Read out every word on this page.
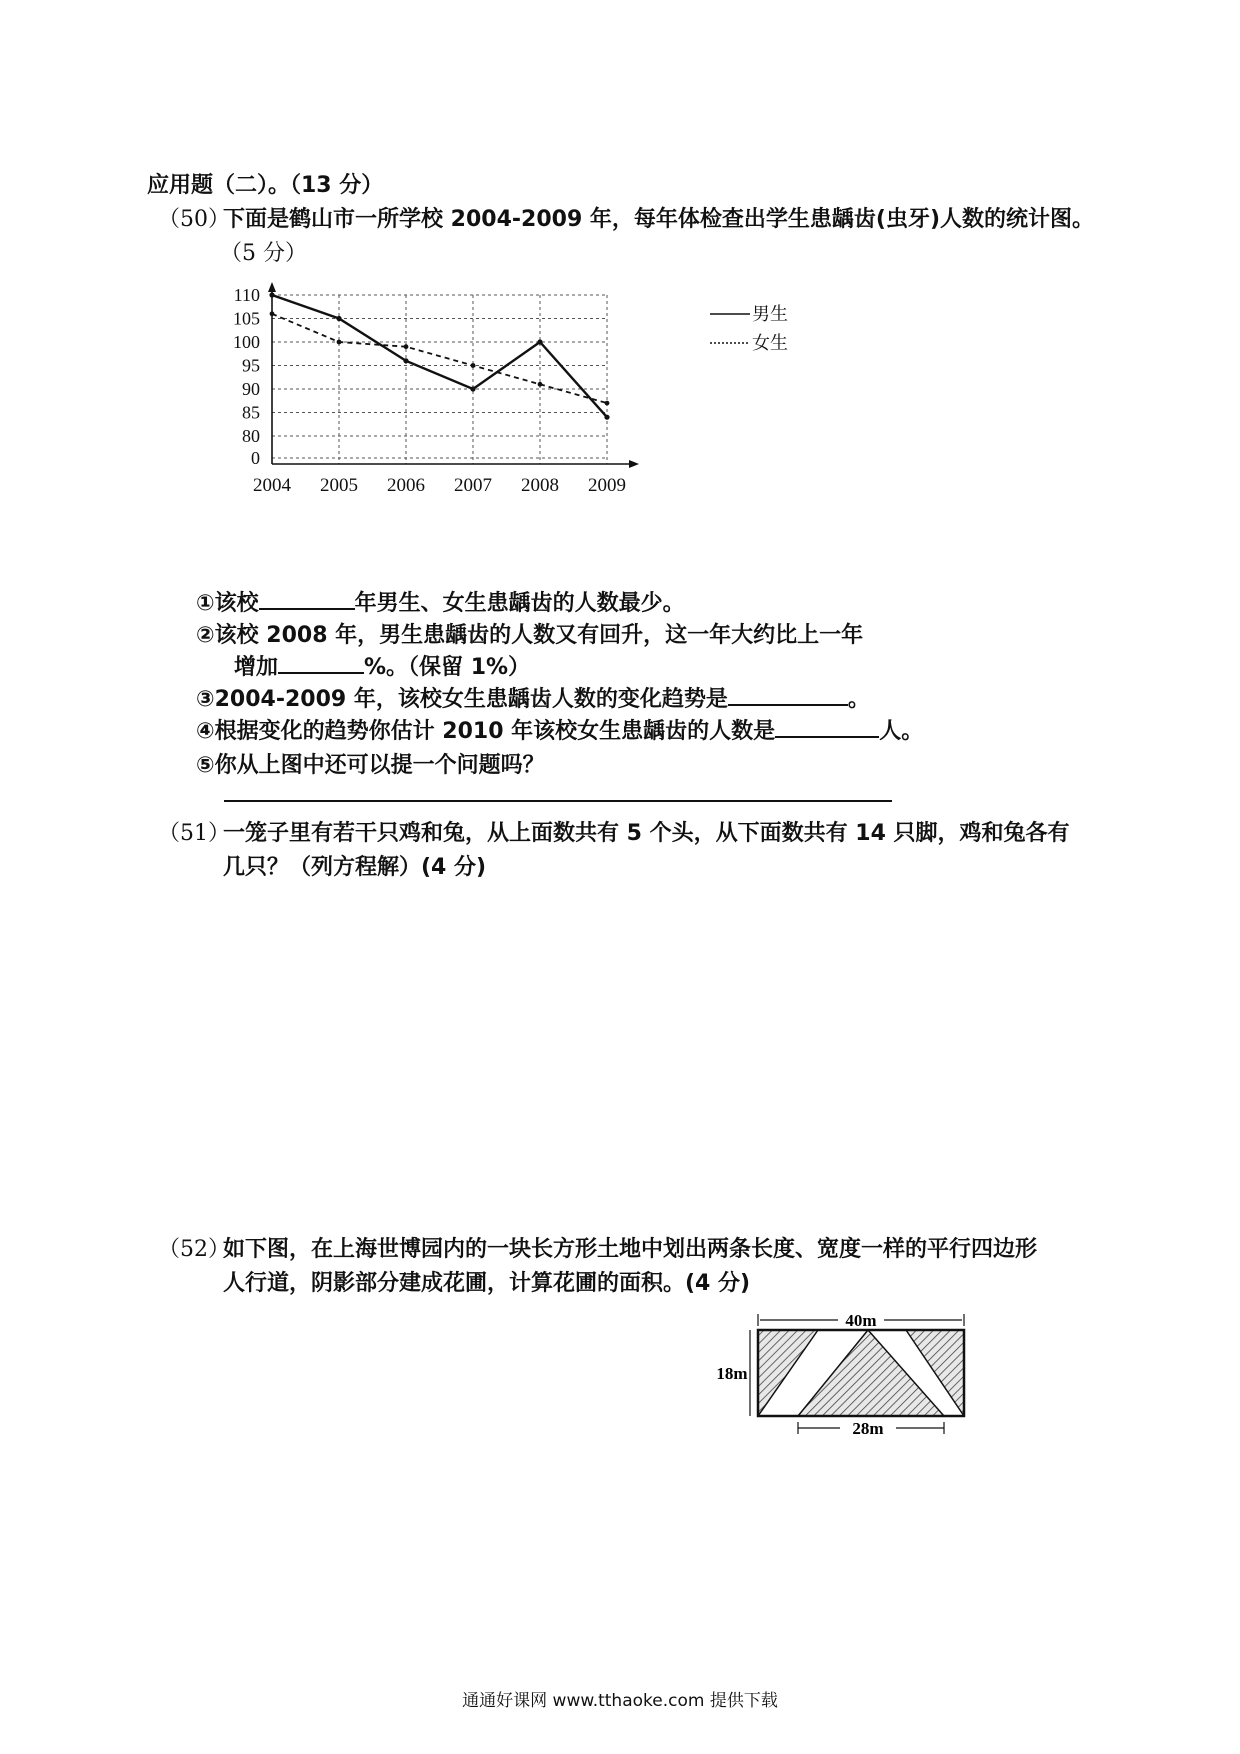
应用题（二）。（13 分）
（50）
下面是鹤山市一所学校 2004-2009 年，每年体检查出学生患龋齿(虫牙)人数的统计图。
（5 分）
0
80
85
90
95
100
105
110
2004 2005 2006 2007 2008 2009
男生
女生
①该校	年男生、女生患龋齿的人数最少。
②该校 2008 年，男生患龋齿的人数又有回升，这一年大约比上一年
增加	%。（保留 1%）
③2004-2009 年，该校女生患龋齿人数的变化趋势是	。
④根据变化的趋势你估计 2010 年该校女生患龋齿的人数是	人。
⑤你从上图中还可以提一个问题吗？
（51）
一笼子里有若干只鸡和兔，从上面数共有 5 个头，从下面数共有 14 只脚，鸡和兔各有
几只？（列方程解）(4 分)
（52）
如下图，在上海世博园内的一块长方形土地中划出两条长度、宽度一样的平行四边形
人行道，阴影部分建成花圃，计算花圃的面积。(4 分)
40m
18m
28m
通通好课网 www.tthaoke.com 提供下载
